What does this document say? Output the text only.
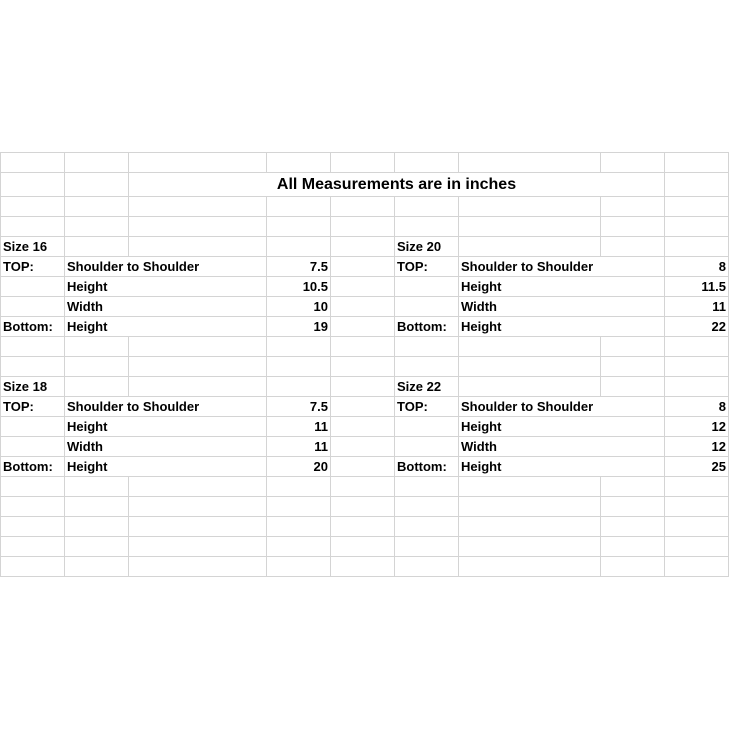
		All Measurements are in inches						

Size 16					Size 20			
TOP:	Shoulder to Shoulder		7.5		TOP:	Shoulder to Shoulder		8
	Height		10.5			Height		11.5
	Width		10			Width		11
Bottom:	Height		19		Bottom:	Height		22

Size 18					Size 22			
TOP:	Shoulder to Shoulder		7.5		TOP:	Shoulder to Shoulder		8
	Height		11			Height		12
	Width		11			Width		12
Bottom:	Height		20		Bottom:	Height		25
